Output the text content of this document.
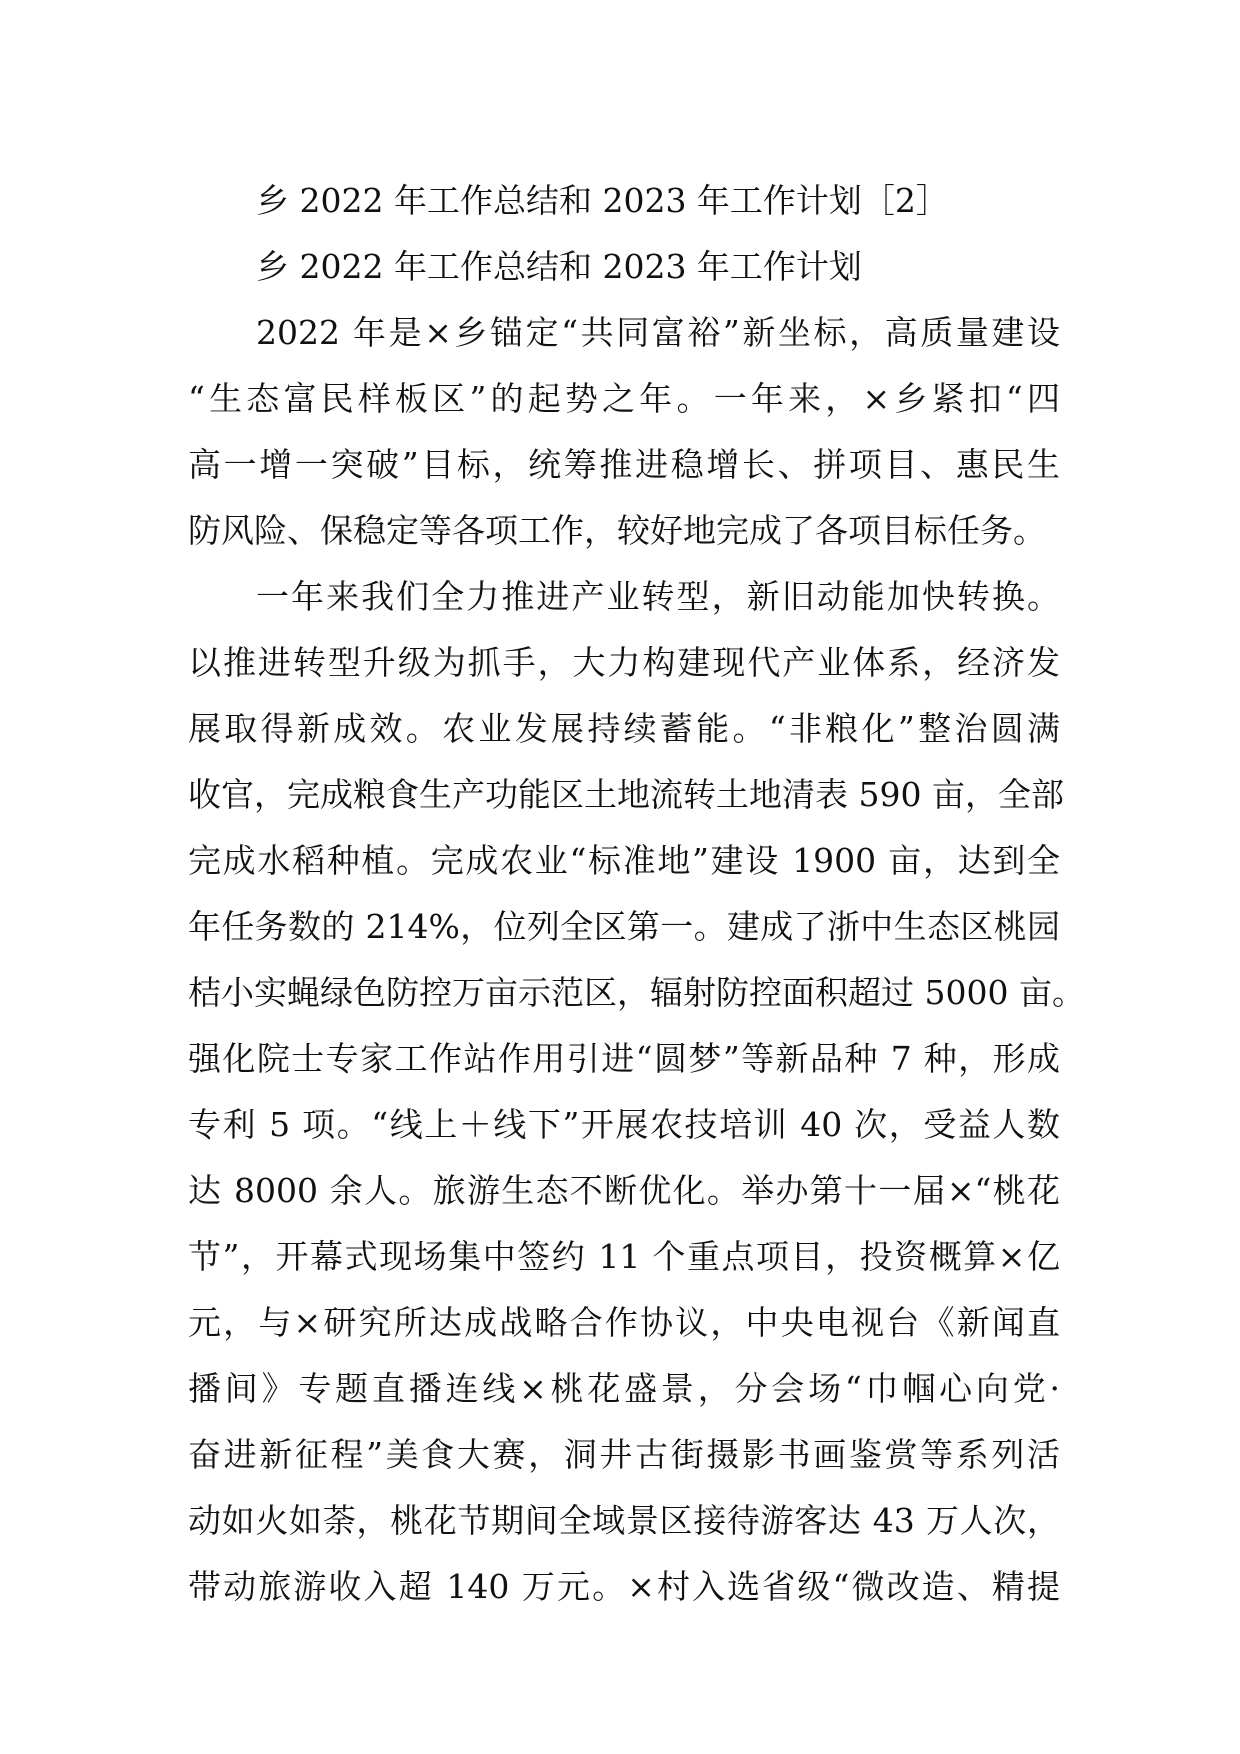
乡 2022 年工作总结和 2023 年工作计划［2］
乡 2022 年工作总结和 2023 年工作计划
2022 年是×乡锚定“共同富裕”新坐标，高质量建设
“生态富民样板区”的起势之年。一年来，×乡紧扣“四
高一增一突破”目标，统筹推进稳增长、拼项目、惠民生
防风险、保稳定等各项工作，较好地完成了各项目标任务。
一年来我们全力推进产业转型，新旧动能加快转换。
以推进转型升级为抓手，大力构建现代产业体系，经济发
展取得新成效。农业发展持续蓄能。“非粮化”整治圆满
收官，完成粮食生产功能区土地流转土地清表 590 亩，全部
完成水稻种植。完成农业“标准地”建设 1900 亩，达到全
年任务数的 214%，位列全区第一。建成了浙中生态区桃园
桔小实蝇绿色防控万亩示范区，辐射防控面积超过 5000 亩。
强化院士专家工作站作用引进“圆梦”等新品种 7 种，形成
专利 5 项。“线上＋线下”开展农技培训 40 次，受益人数
达 8000 余人。旅游生态不断优化。举办第十一届×“桃花
节”，开幕式现场集中签约 11 个重点项目，投资概算×亿
元，与×研究所达成战略合作协议，中央电视台《新闻直
播间》专题直播连线×桃花盛景，分会场“巾帼心向党·
奋进新征程”美食大赛，洞井古街摄影书画鉴赏等系列活
动如火如荼，桃花节期间全域景区接待游客达 43 万人次，
带动旅游收入超 140 万元。×村入选省级“微改造、精提
